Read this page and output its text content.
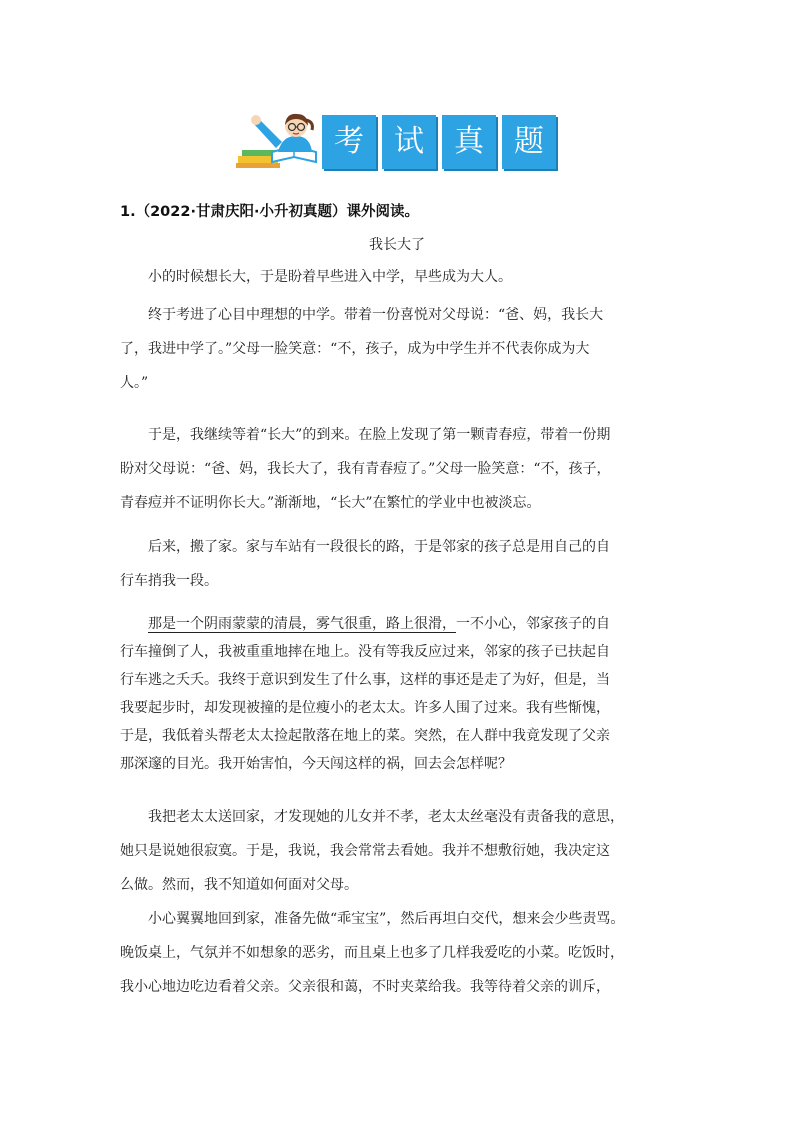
考	试	真	题
1.（2022·甘肃庆阳·小升初真题）课外阅读。
我长大了
小的时候想长大，于是盼着早些进入中学，早些成为大人。
终于考进了心目中理想的中学。带着一份喜悦对父母说：“爸、妈，我长大
了，我进中学了。”父母一脸笑意：“不，孩子，成为中学生并不代表你成为大
人。”
于是，我继续等着“长大”的到来。在脸上发现了第一颗青春痘，带着一份期
盼对父母说：“爸、妈，我长大了，我有青春痘了。”父母一脸笑意：“不，孩子，
青春痘并不证明你长大。”渐渐地，“长大”在繁忙的学业中也被淡忘。
后来，搬了家。家与车站有一段很长的路，于是邻家的孩子总是用自己的自
行车捎我一段。
那是一个阴雨蒙蒙的清晨，雾气很重，路上很滑，一不小心，邻家孩子的自
行车撞倒了人，我被重重地摔在地上。没有等我反应过来，邻家的孩子已扶起自
行车逃之夭夭。我终于意识到发生了什么事，这样的事还是走了为好，但是，当
我要起步时，却发现被撞的是位瘦小的老太太。许多人围了过来。我有些惭愧，
于是，我低着头帮老太太捡起散落在地上的菜。突然，在人群中我竟发现了父亲
那深邃的目光。我开始害怕，今天闯这样的祸，回去会怎样呢？
我把老太太送回家，才发现她的儿女并不孝，老太太丝毫没有责备我的意思，
她只是说她很寂寞。于是，我说，我会常常去看她。我并不想敷衍她，我决定这
么做。然而，我不知道如何面对父母。
小心翼翼地回到家，准备先做“乖宝宝”，然后再坦白交代，想来会少些责骂。
晚饭桌上，气氛并不如想象的恶劣，而且桌上也多了几样我爱吃的小菜。吃饭时，
我小心地边吃边看着父亲。父亲很和蔼，不时夹菜给我。我等待着父亲的训斥，
